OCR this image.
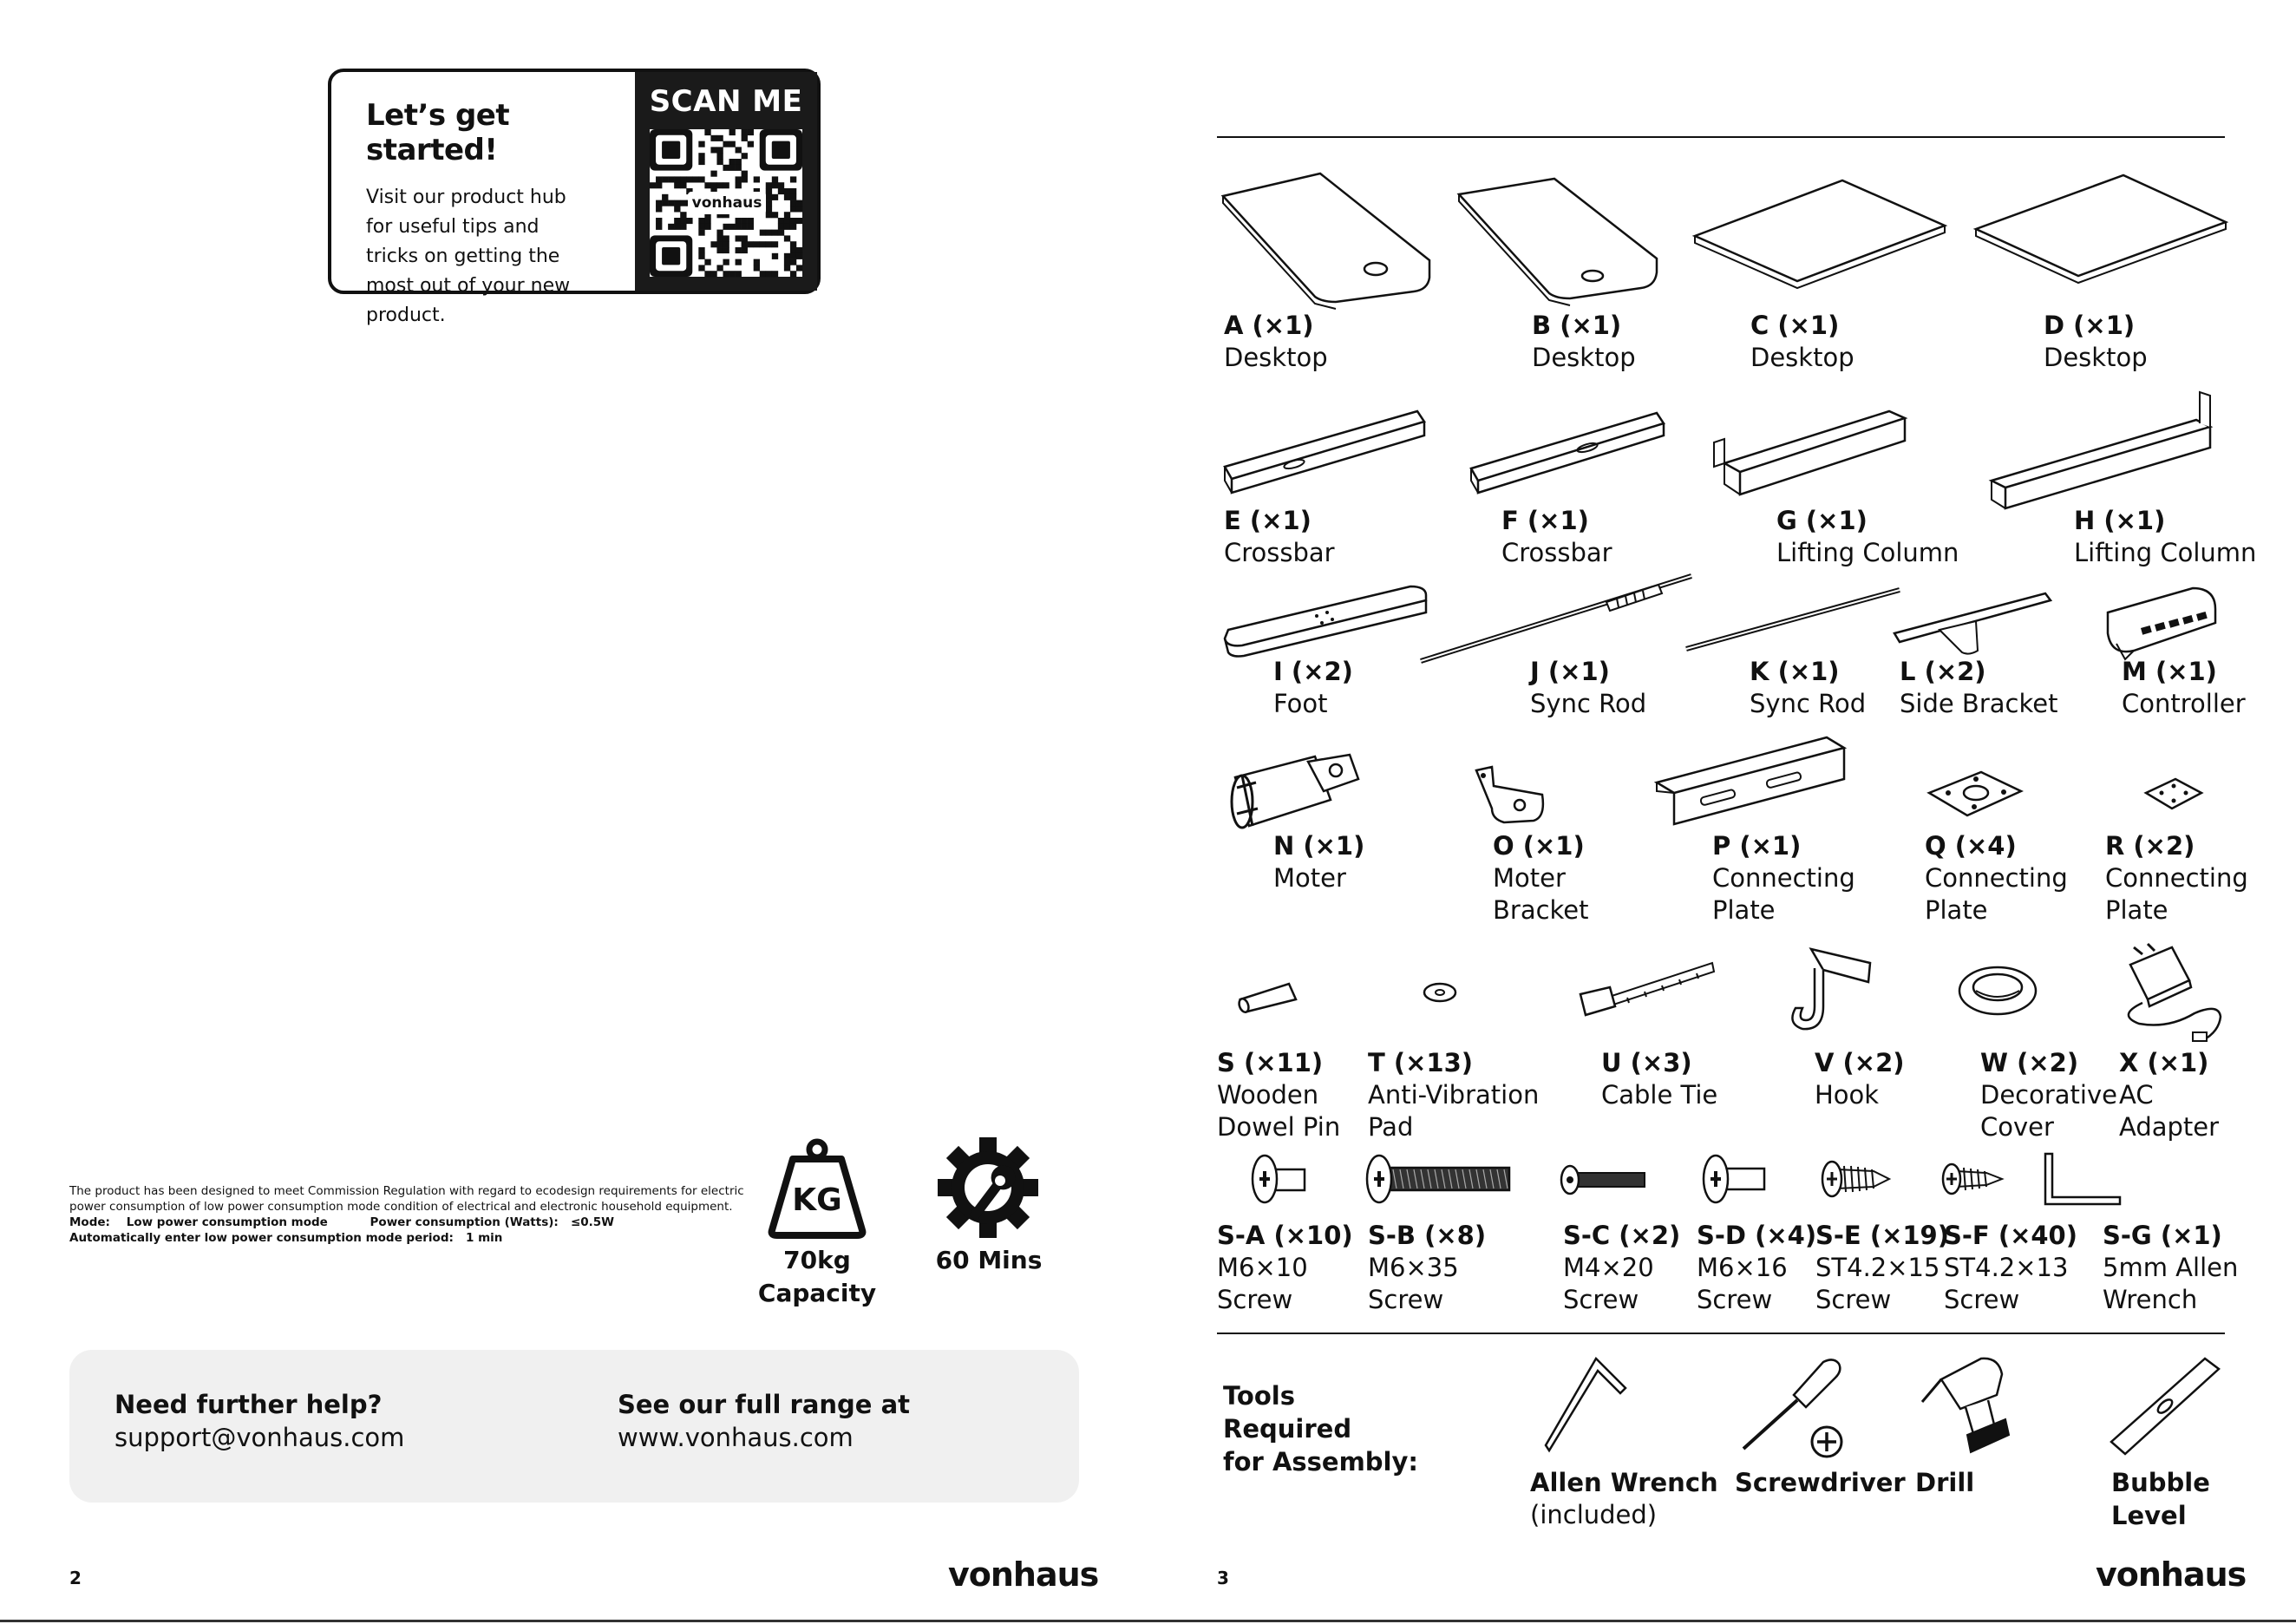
Let’s get started!
Visit our product hub for useful tips and tricks on getting the most out of your new product.
SCAN ME
vonhaus
The product has been designed to meet Commission Regulation with regard to ecodesign requirements for electric
power consumption of low power consumption mode condition of electrical and electronic household equipment.
Mode: Low power consumption mode	Power consumption (Watts): ≤0.5W
Automatically enter low power consumption mode period: 1 min
KG
70kg
Capacity
60 Mins
Need further help?
support@vonhaus.com
See our full range at
www.vonhaus.com
2	vonhaus
Tools Required
for Assembly:
Allen Wrench
(included)
Screwdriver Drill	Bubble
Level
A (×1)
Desktop
B (×1)
Desktop
C (×1)
Desktop
D (×1)
Desktop
E (×1)
Crossbar
F (×1)
Crossbar
G (×1)
Lifting Column
H (×1)
Lifting Column
I (×2)
Foot
J (×1)
Sync Rod
K (×1)
Sync Rod
L (×2)
Side Bracket
M (×1)
Controller
N (×1)
Moter
O (×1)
Moter
Bracket
P (×1)
Connecting
Plate
Q (×4)
Connecting
Plate
R (×2)
Connecting
Plate
S (×11)
Wooden
Dowel Pin
T (×13)
Anti-Vibration
Pad
U (×3)
Cable Tie
V (×2)
Hook
W (×2)
Decorative
Cover
X (×1)
AC
Adapter
S-A (×10)
M6×10
Screw
S-B (×8)
M6×35
Screw
S-C (×2)
M4×20
Screw
S-D (×4)
M6×16
Screw
S-E (×19)
ST4.2×15
Screw
S-F (×40)
ST4.2×13
Screw
S-G (×1)
5mm Allen
Wrench
3	vonhaus
